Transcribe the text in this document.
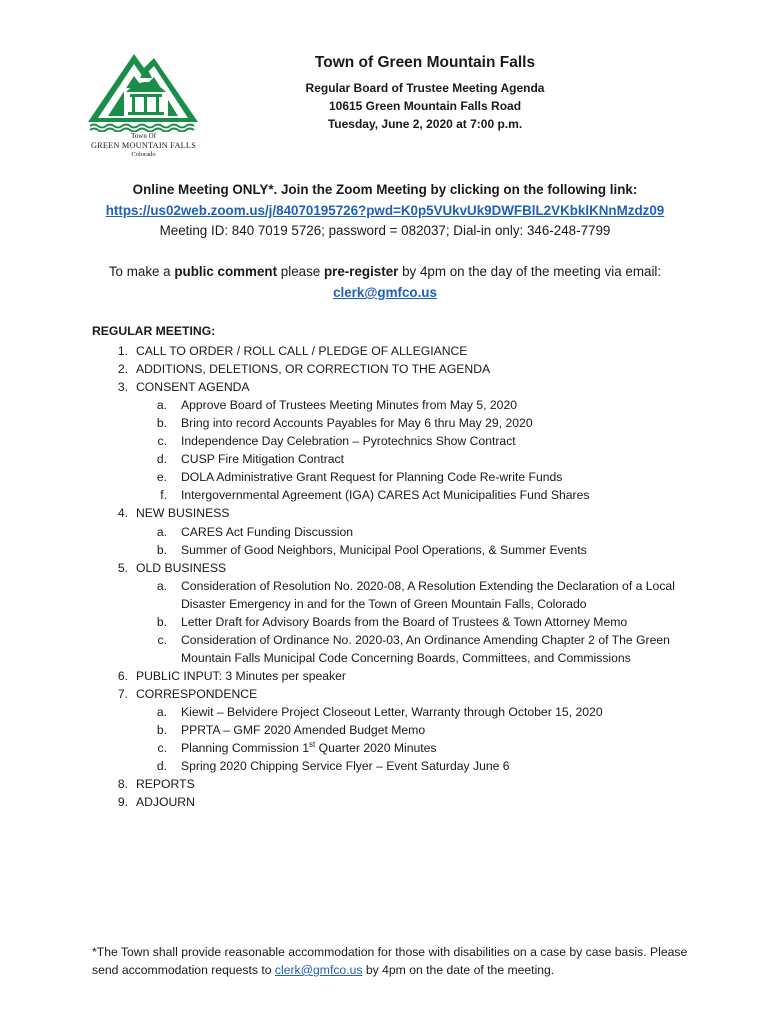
Town Of
GREEN MOUNTAIN FALLS
Colorado
Town of Green Mountain Falls
Regular Board of Trustee Meeting Agenda
10615 Green Mountain Falls Road
Tuesday, June 2, 2020 at 7:00 p.m.
Online Meeting ONLY*. Join the Zoom Meeting by clicking on the following link:
https://us02web.zoom.us/j/84070195726?pwd=K0p5VUkvUk9DWFBlL2VKbklKNnMzdz09
Meeting ID: 840 7019 5726; password = 082037; Dial-in only: 346-248-7799
To make a public comment please pre-register by 4pm on the day of the meeting via email:
clerk@gmfco.us
REGULAR MEETING:
1. CALL TO ORDER / ROLL CALL / PLEDGE OF ALLEGIANCE
2. ADDITIONS, DELETIONS, OR CORRECTION TO THE AGENDA
3. CONSENT AGENDA
a. Approve Board of Trustees Meeting Minutes from May 5, 2020
b. Bring into record Accounts Payables for May 6 thru May 29, 2020
c. Independence Day Celebration – Pyrotechnics Show Contract
d. CUSP Fire Mitigation Contract
e. DOLA Administrative Grant Request for Planning Code Re-write Funds
f. Intergovernmental Agreement (IGA) CARES Act Municipalities Fund Shares
4. NEW BUSINESS
a. CARES Act Funding Discussion
b. Summer of Good Neighbors, Municipal Pool Operations, & Summer Events
5. OLD BUSINESS
a. Consideration of Resolution No. 2020-08, A Resolution Extending the Declaration of a Local
Disaster Emergency in and for the Town of Green Mountain Falls, Colorado
b. Letter Draft for Advisory Boards from the Board of Trustees & Town Attorney Memo
c. Consideration of Ordinance No. 2020-03, An Ordinance Amending Chapter 2 of The Green
Mountain Falls Municipal Code Concerning Boards, Committees, and Commissions
6. PUBLIC INPUT: 3 Minutes per speaker
7. CORRESPONDENCE
a. Kiewit – Belvidere Project Closeout Letter, Warranty through October 15, 2020
b. PPRTA – GMF 2020 Amended Budget Memo
c. Planning Commission 1st Quarter 2020 Minutes
d. Spring 2020 Chipping Service Flyer – Event Saturday June 6
8. REPORTS
9. ADJOURN
*The Town shall provide reasonable accommodation for those with disabilities on a case by case basis. Please
send accommodation requests to clerk@gmfco.us by 4pm on the date of the meeting.
